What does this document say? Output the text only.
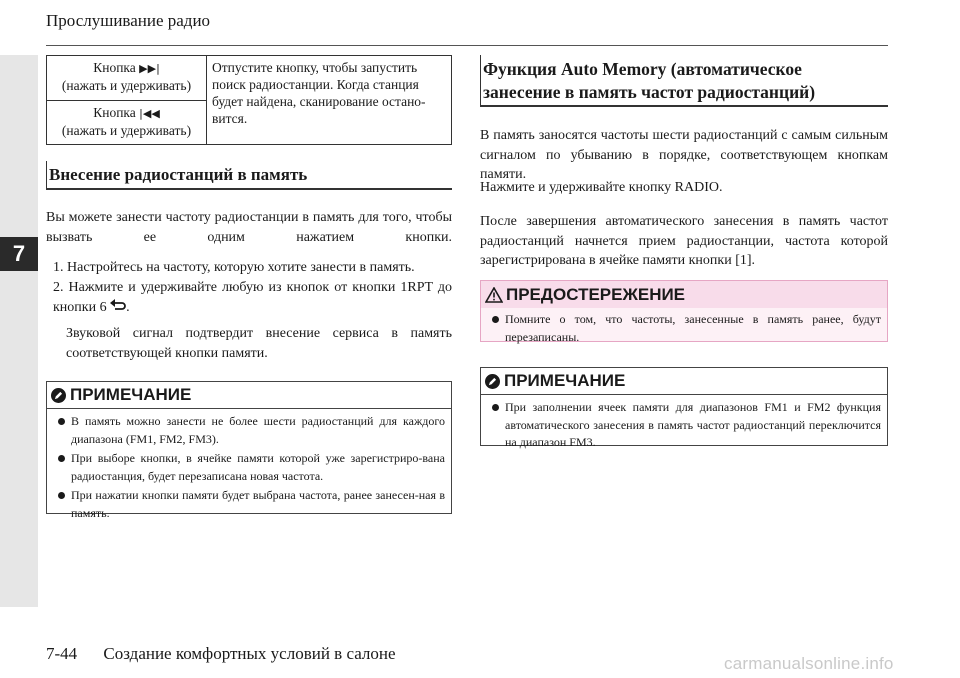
Прослушивание радио
7
Кнопка ▶▶|
(нажать и удерживать)	Отпустите кнопку, чтобы запустить поиск радиостанции. Когда станция будет найдена, сканирование остано-вится.
Кнопка |◀◀
(нажать и удерживать)
Внесение радиостанций в память
Вы можете занести частоту радиостанции в память для того, чтобы вызвать ее одним нажатием кнопки.
1. Настройтесь на частоту, которую хотите занести в память.
2. Нажмите и удерживайте любую из кнопок от кнопки 1RPT до кнопки 6 .
Звуковой сигнал подтвердит внесение сервиса в память соответствующей кнопки памяти.
ПРИМЕЧАНИЕ
В память можно занести не более шести радиостанций для каждого диапазона (FM1, FM2, FM3).
При выборе кнопки, в ячейке памяти которой уже зарегистриро-вана радиостанция, будет перезаписана новая частота.
При нажатии кнопки памяти будет выбрана частота, ранее занесен-ная в память.
Функция Auto Memory (автоматическое
занесение в память частот радиостанций)
В память заносятся частоты шести радиостанций с самым сильным сигналом по убыванию в порядке, соответствующем кнопкам памяти.
Нажмите и удерживайте кнопку RADIO.
После завершения автоматического занесения в память частот радиостанций начнется прием радиостанции, частота которой зарегистрирована в ячейке памяти кнопки [1].
ПРЕДОСТЕРЕЖЕНИЕ
Помните о том, что частоты, занесенные в память ранее, будут перезаписаны.
ПРИМЕЧАНИЕ
При заполнении ячеек памяти для диапазонов FM1 и FM2 функция автоматического занесения в память частот радиостанций переключится на диапазон FM3.
7-44 Создание комфортных условий в салоне
carmanualsonline.info
